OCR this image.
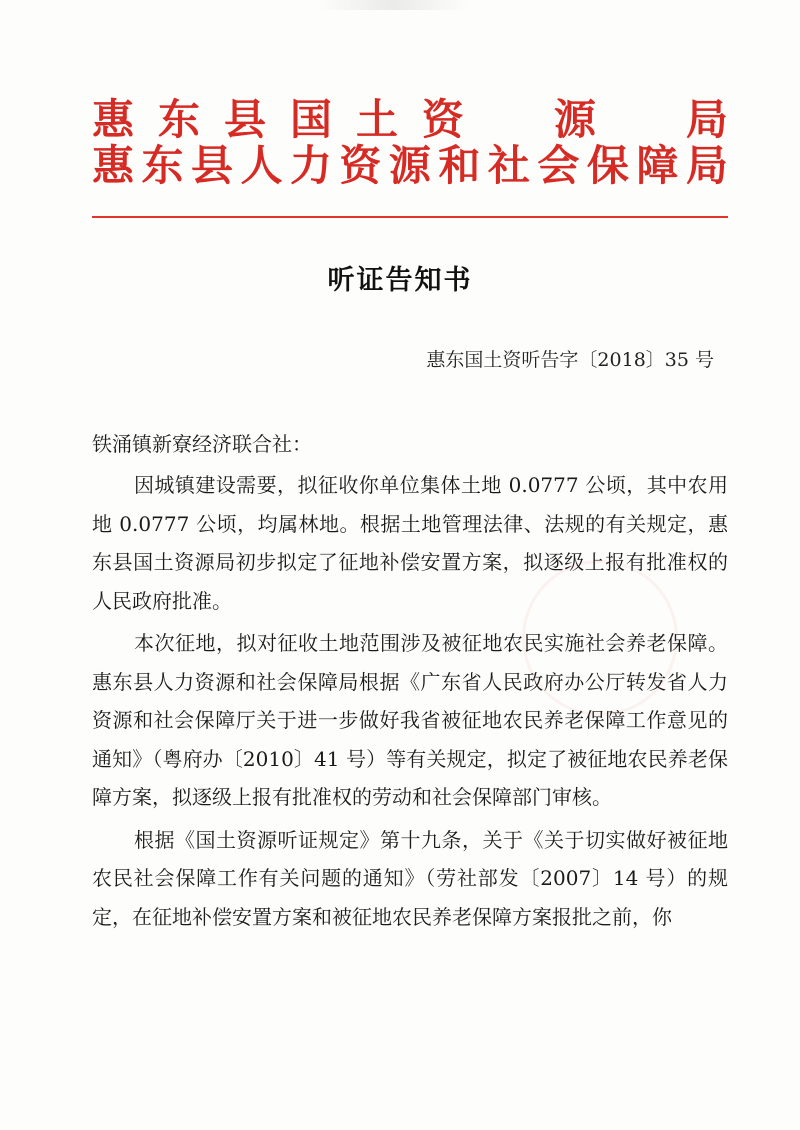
惠 东 县 国 土 资
　 源
　 局
惠 东 县 人 力 资 源 和 社 会 保 障 局
听证告知书
惠东国土资听告字〔2018〕35 号
铁涌镇新寮经济联合社：

因城镇建设需要，拟征收你单位集体土地 0.0777 公顷，其中农用地 0.0777 公顷，均属林地。根据土地管理法律、法规的有关规定，惠东县国土资源局初步拟定了征地补偿安置方案，拟逐级上报有批准权的人民政府批准。

本次征地，拟对征收土地范围涉及被征地农民实施社会养老保障。惠东县人力资源和社会保障局根据《广东省人民政府办公厅转发省人力资源和社会保障厅关于进一步做好我省被征地农民养老保障工作意见的通知》（粤府办〔2010〕41 号）等有关规定，拟定了被征地农民养老保障方案，拟逐级上报有批准权的劳动和社会保障部门审核。

根据《国土资源听证规定》第十九条，关于《关于切实做好被征地农民社会保障工作有关问题的通知》（劳社部发〔2007〕14 号）的规定，在征地补偿安置方案和被征地农民养老保障方案报批之前，你
